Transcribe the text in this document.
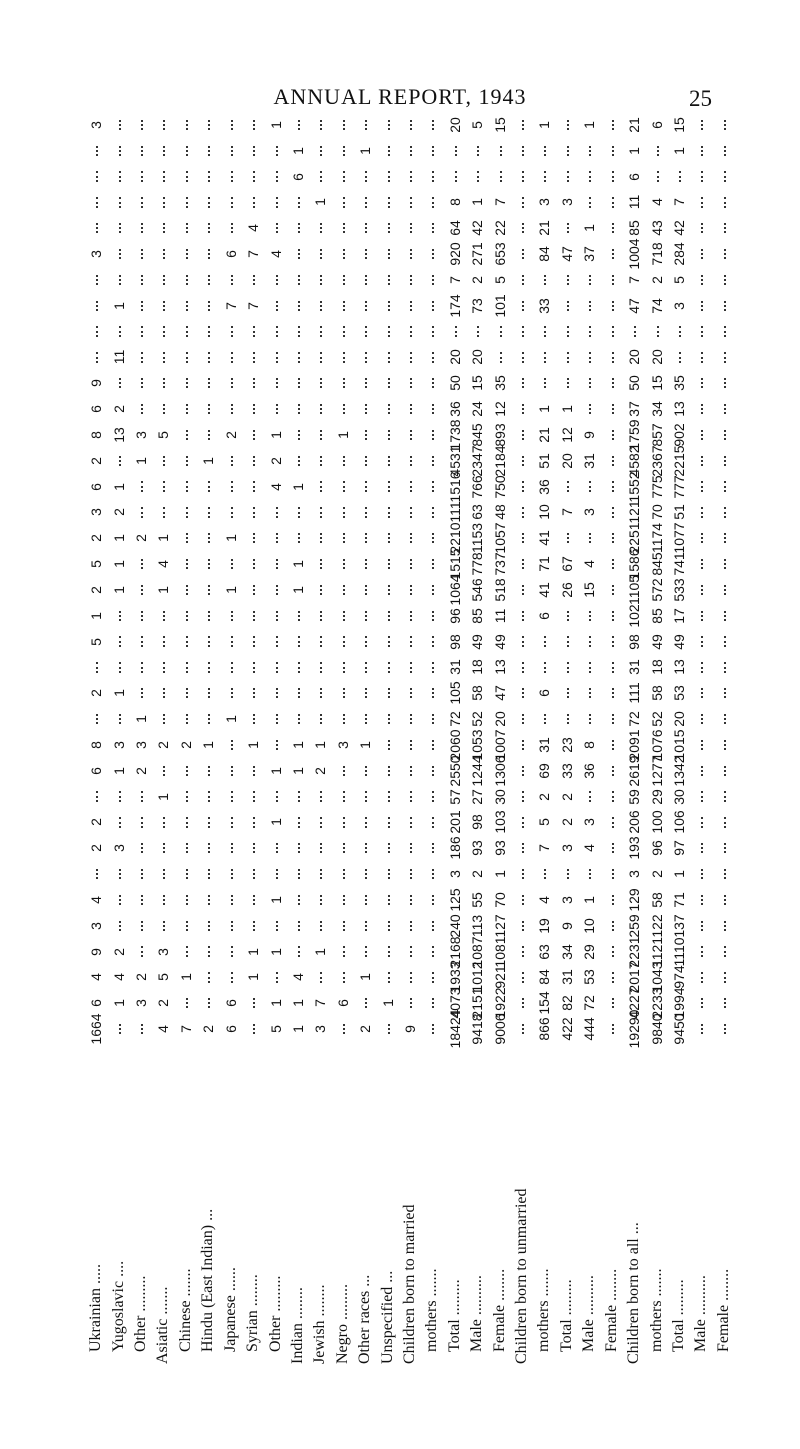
ANNUAL REPORT, 1943	25
Ukrainian .....
3
3
9
6
8
2
6
3
2
5
2
1
5
2
8
6
2
2
4
3
9
4
6
1664
Yugoslavic ....
1
11
2
13
1
2
1
1
1
1
3
1
3
2
4
1
Other .........
3
1
2
1
3
2
2
3
Asiatic .......
5
1
4
1
2
1
3
5
2
4
Chinese .......
2
1
7
Hindu (East Indian) ...
1
1
2
Japanese ......
6
7
2
1
1
1
6
6
Syrian ........
4
7
7
1
1
1
Other .........
1
4
1
2
4
1
1
1
1
1
5
Indian ........
1
6
1
1
1
1
1
4
1
1
Jewish ........
1
1
2
1
7
3
Negro .........
1
3
6
Other races ...
1
1
1
2
Unspecified ...
1
Children born to married
9
mothers ....... Total .........
20
8
64
920
7
174
20
50
36
1738
4531
1516
111
2210
1515
1064
96
98
31
105
72
2060
2550
57
201
186
3
125
240
2168
1933
4073
18424
Male ..........
5
1
42
271
2
73
20
15
24
845
2347
766
63
1153
778
546
85
49
18
58
52
1053
1244
27
98
93
2
55
113
1087
1012
2151
9418
Female ........
15
7
22
653
5
101
35
12
893
2184
750
48
1057
737
518
11
49
13
47
20
1007
1306
30
103
93
1
70
127
1081
921
1922
9006
Children born to unmarried mothers .......
1
3
21
84
33
1
21
51
36
10
41
71
41
6
6
31
69
2
5
7
4
19
63
84
154
866
Total .........
3
47
1
12
20
7
67
26
23
33
2
2
3
3
9
34
31
82
422
Male ..........
1
1
37
9
31
3
4
15
8
36
3
4
1
10
29
53
72
444
Female ........ Children born to all ...
21
1
6
11
85
1004
7
47
20
50
37
1759
4582
1552
121
2251
1586
1105
102
98
31
111
72
2091
2619
59
206
193
3
129
259
2231
2017
4227
19290
mothers .......
6
4
43
718
2
74
20
15
34
857
2367
775
70
1174
845
572
85
49
18
58
52
1076
1277
29
100
96
2
58
122
1121
1043
2233
9840
Total .........
15
1
7
42
284
5
3
35
13
902
2215
777
51
1077
741
533
17
49
13
53
20
1015
1342
30
106
97
1
71
137
1110
974
1994
9450
Male .......... Female ........
